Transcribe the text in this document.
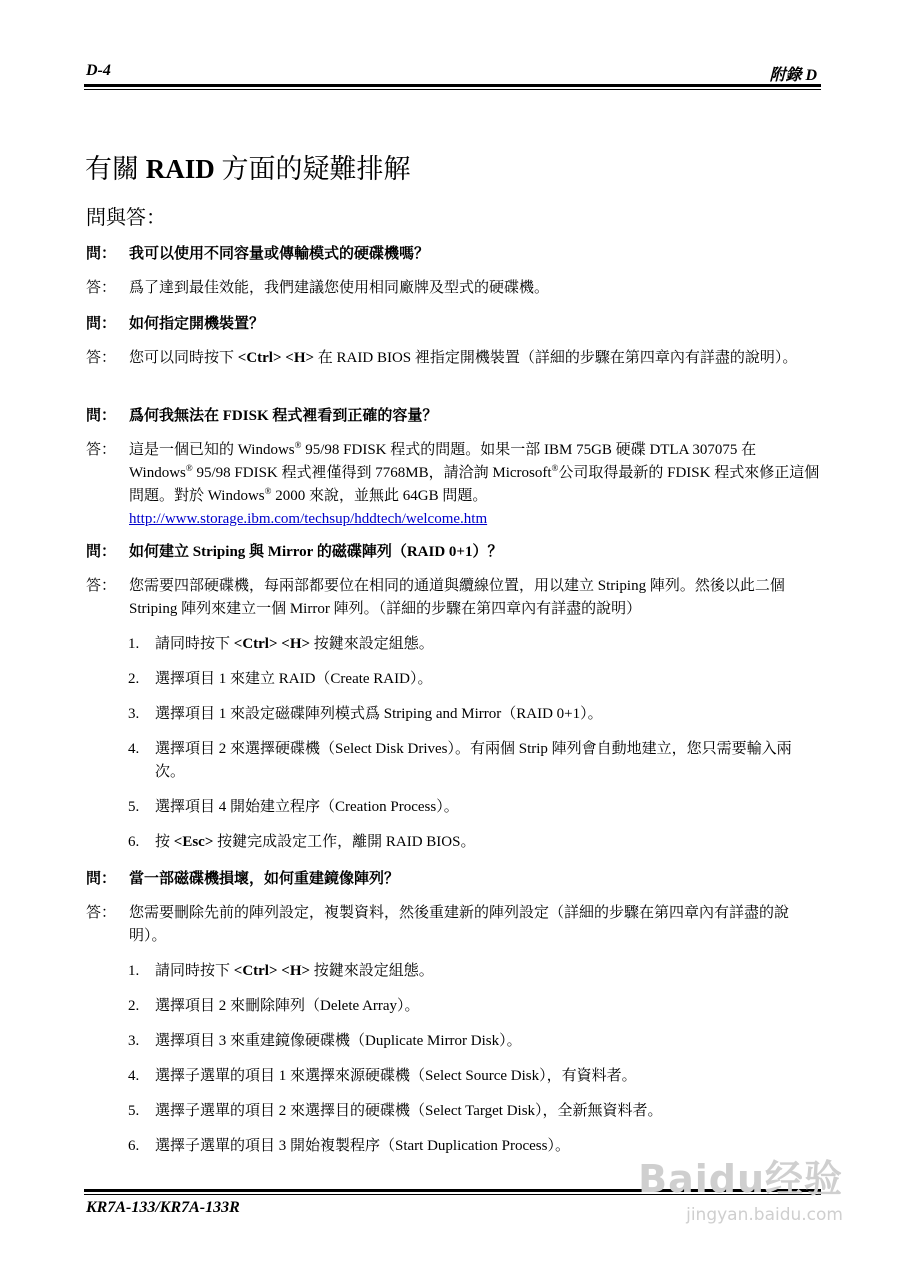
D-4	附錄 D
有關 RAID 方面的疑難排解
問與答：
問： 我可以使用不同容量或傳輸模式的硬碟機嗎？
答： 爲了達到最佳效能，我們建議您使用相同廠牌及型式的硬碟機。
問： 如何指定開機裝置？
答： 您可以同時按下 <Ctrl> <H> 在 RAID BIOS 裡指定開機裝置（詳細的步驟在第四章內有詳盡的說明）。
問： 爲何我無法在 FDISK 程式裡看到正確的容量？
答： 這是一個已知的 Windows® 95/98 FDISK 程式的問題。如果一部 IBM 75GB 硬碟 DTLA 307075 在 Windows® 95/98 FDISK 程式裡僅得到 7768MB，請洽詢 Microsoft®公司取得最新的 FDISK 程式來修正這個問題。對於 Windows® 2000 來說，並無此 64GB 問題。
http://www.storage.ibm.com/techsup/hddtech/welcome.htm
問： 如何建立 Striping 與 Mirror 的磁碟陣列（RAID 0+1）？
答： 您需要四部硬碟機，每兩部都要位在相同的通道與纜線位置，用以建立 Striping 陣列。然後以此二個 Striping 陣列來建立一個 Mirror 陣列。（詳細的步驟在第四章內有詳盡的說明）
1. 請同時按下 <Ctrl> <H> 按鍵來設定組態。
2. 選擇項目 1 來建立 RAID（Create RAID）。
3. 選擇項目 1 來設定磁碟陣列模式爲 Striping and Mirror（RAID 0+1）。
4. 選擇項目 2 來選擇硬碟機（Select Disk Drives）。有兩個 Strip 陣列會自動地建立，您只需要輸入兩次。
5. 選擇項目 4 開始建立程序（Creation Process）。
6. 按 <Esc> 按鍵完成設定工作，離開 RAID BIOS。
問： 當一部磁碟機損壞，如何重建鏡像陣列？
答： 您需要刪除先前的陣列設定，複製資料，然後重建新的陣列設定（詳細的步驟在第四章內有詳盡的說明）。
1. 請同時按下 <Ctrl> <H> 按鍵來設定組態。
2. 選擇項目 2 來刪除陣列（Delete Array）。
3. 選擇項目 3 來重建鏡像硬碟機（Duplicate Mirror Disk）。
4. 選擇子選單的項目 1 來選擇來源硬碟機（Select Source Disk），有資料者。
5. 選擇子選單的項目 2 來選擇目的硬碟機（Select Target Disk），全新無資料者。
6. 選擇子選單的項目 3 開始複製程序（Start Duplication Process）。
KR7A-133/KR7A-133R
Baidu经验
jingyan.baidu.com
